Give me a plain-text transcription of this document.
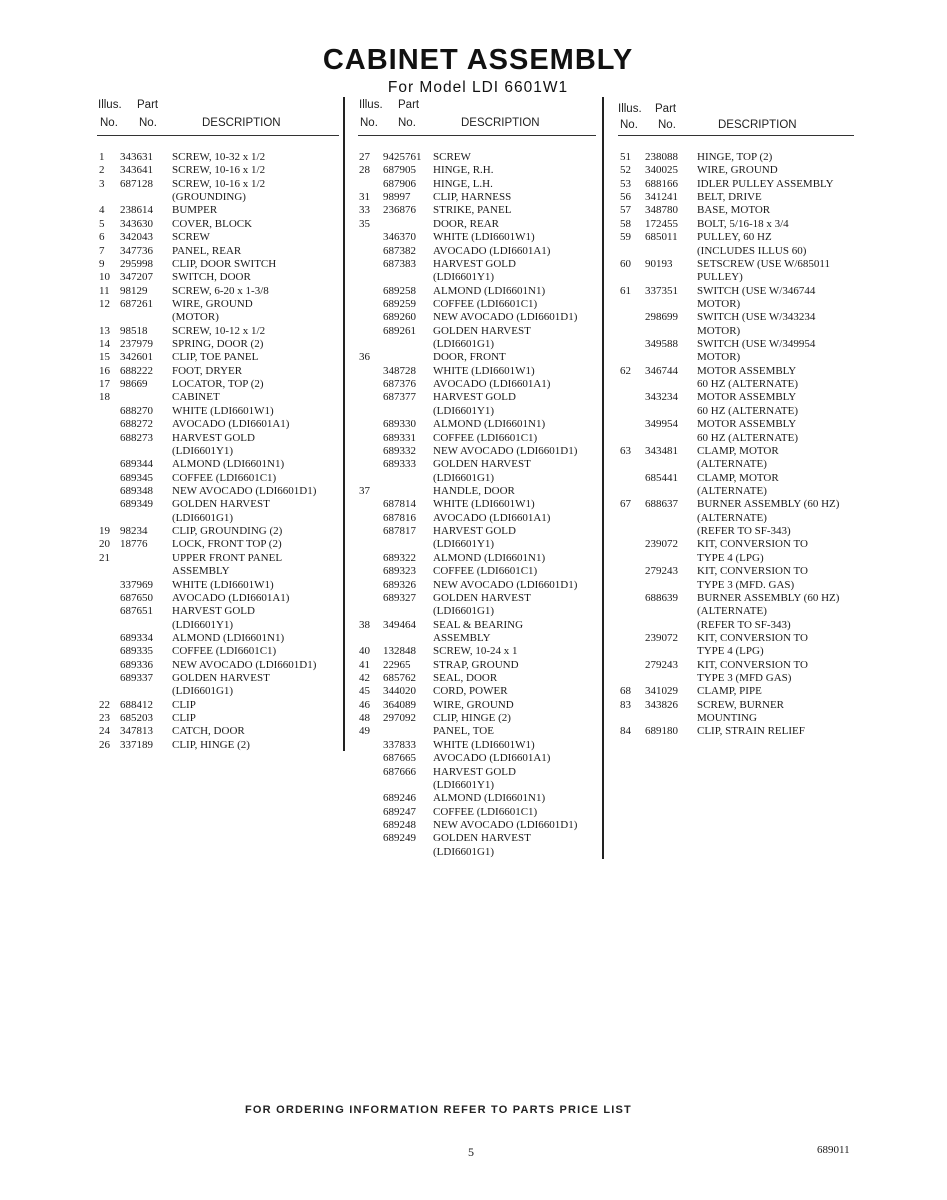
CABINET ASSEMBLY
For Model LDI 6601W1
Illus. Part
No. No.	DESCRIPTION
1 343631 SCREW, 10-32 x 1/2
2 343641 SCREW, 10-16 x 1/2
3 687128 SCREW, 10-16 x 1/2
(GROUNDING)
4 238614 BUMPER
5 343630 COVER, BLOCK
6 342043 SCREW
7 347736 PANEL, REAR
9 295998 CLIP, DOOR SWITCH
10 347207 SWITCH, DOOR
11 98129 SCREW, 6-20 x 1-3/8
12 687261 WIRE, GROUND
(MOTOR)
13 98518 SCREW, 10-12 x 1/2
14 237979 SPRING, DOOR (2)
15 342601 CLIP, TOE PANEL
16 688222 FOOT, DRYER
17 98669 LOCATOR, TOP (2)
18	CABINET
688270 WHITE (LDI6601W1)
688272 AVOCADO (LDI6601A1)
688273 HARVEST GOLD
(LDI6601Y1)
689344 ALMOND (LDI6601N1)
689345 COFFEE (LDI6601C1)
689348 NEW AVOCADO (LDI6601D1)
689349 GOLDEN HARVEST
(LDI6601G1)
19 98234 CLIP, GROUNDING (2)
20 18776 LOCK, FRONT TOP (2)
21	UPPER FRONT PANEL
ASSEMBLY
337969 WHITE (LDI6601W1)
687650 AVOCADO (LDI6601A1)
687651 HARVEST GOLD
(LDI6601Y1)
689334 ALMOND (LDI6601N1)
689335 COFFEE (LDI6601C1)
689336 NEW AVOCADO (LDI6601D1)
689337 GOLDEN HARVEST
(LDI6601G1)
22 688412 CLIP
23 685203 CLIP
24 347813 CATCH, DOOR
26 337189 CLIP, HINGE (2)
Illus. Part
No. No.	DESCRIPTION
27 9425761 SCREW
28 687905 HINGE, R.H.
687906 HINGE, L.H.
31 98997 CLIP, HARNESS
33 236876 STRIKE, PANEL
35	DOOR, REAR
346370 WHITE (LDI6601W1)
687382 AVOCADO (LDI6601A1)
687383 HARVEST GOLD
(LDI6601Y1)
689258 ALMOND (LDI6601N1)
689259 COFFEE (LDI6601C1)
689260 NEW AVOCADO (LDI6601D1)
689261 GOLDEN HARVEST
(LDI6601G1)
36	DOOR, FRONT
348728 WHITE (LDI6601W1)
687376 AVOCADO (LDI6601A1)
687377 HARVEST GOLD
(LDI6601Y1)
689330 ALMOND (LDI6601N1)
689331 COFFEE (LDI6601C1)
689332 NEW AVOCADO (LDI6601D1)
689333 GOLDEN HARVEST
(LDI6601G1)
37	HANDLE, DOOR
687814 WHITE (LDI6601W1)
687816 AVOCADO (LDI6601A1)
687817 HARVEST GOLD
(LDI6601Y1)
689322 ALMOND (LDI6601N1)
689323 COFFEE (LDI6601C1)
689326 NEW AVOCADO (LDI6601D1)
689327 GOLDEN HARVEST
(LDI6601G1)
38 349464 SEAL & BEARING
ASSEMBLY
40 132848 SCREW, 10-24 x 1
41 22965 STRAP, GROUND
42 685762 SEAL, DOOR
45 344020 CORD, POWER
46 364089 WIRE, GROUND
48 297092 CLIP, HINGE (2)
49	PANEL, TOE
337833 WHITE (LDI6601W1)
687665 AVOCADO (LDI6601A1)
687666 HARVEST GOLD
(LDI6601Y1)
689246 ALMOND (LDI6601N1)
689247 COFFEE (LDI6601C1)
689248 NEW AVOCADO (LDI6601D1)
689249 GOLDEN HARVEST
(LDI6601G1)
Illus. Part
No. No.	DESCRIPTION
51 238088 HINGE, TOP (2)
52 340025 WIRE, GROUND
53 688166 IDLER PULLEY ASSEMBLY
56 341241 BELT, DRIVE
57 348780 BASE, MOTOR
58 172455 BOLT, 5/16-18 x 3/4
59 685011 PULLEY, 60 HZ
(INCLUDES ILLUS 60)
60 90193 SETSCREW (USE W/685011
PULLEY)
61 337351 SWITCH (USE W/346744
MOTOR)
298699 SWITCH (USE W/343234
MOTOR)
349588 SWITCH (USE W/349954
MOTOR)
62 346744 MOTOR ASSEMBLY
60 HZ (ALTERNATE)
343234 MOTOR ASSEMBLY
60 HZ (ALTERNATE)
349954 MOTOR ASSEMBLY
60 HZ (ALTERNATE)
63 343481 CLAMP, MOTOR
(ALTERNATE)
685441 CLAMP, MOTOR
(ALTERNATE)
67 688637 BURNER ASSEMBLY (60 HZ)
(ALTERNATE)
(REFER TO SF-343)
239072 KIT, CONVERSION TO
TYPE 4 (LPG)
279243 KIT, CONVERSION TO
TYPE 3 (MFD. GAS)
688639 BURNER ASSEMBLY (60 HZ)
(ALTERNATE)
(REFER TO SF-343)
239072 KIT, CONVERSION TO
TYPE 4 (LPG)
279243 KIT, CONVERSION TO
TYPE 3 (MFD GAS)
68 341029 CLAMP, PIPE
83 343826 SCREW, BURNER
MOUNTING
84 689180 CLIP, STRAIN RELIEF
FOR ORDERING INFORMATION REFER TO PARTS PRICE LIST
5	689011
